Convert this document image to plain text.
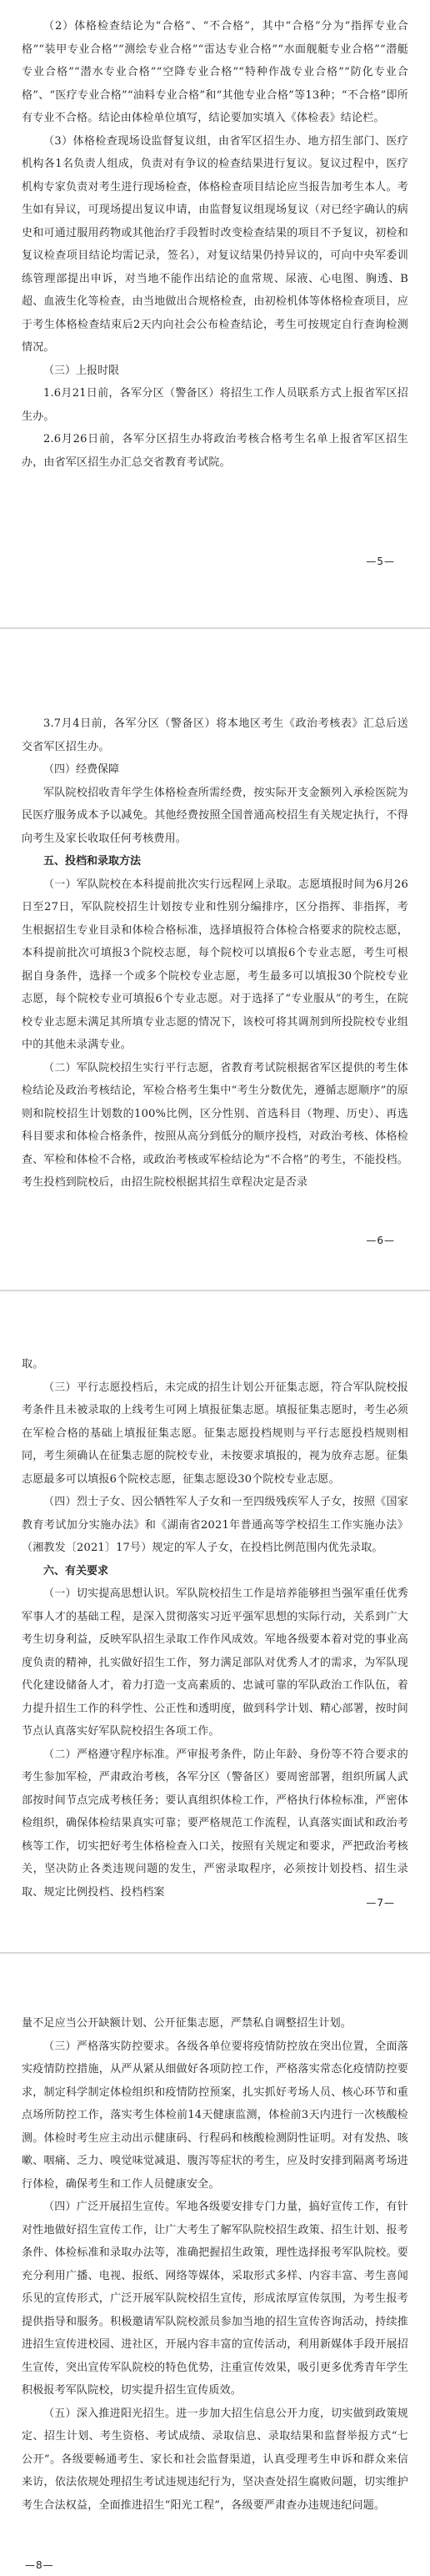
（2）体格检查结论为“合格”、“不合格”，其中“合格”分为“指挥专业合格”“装甲专业合格”“测绘专业合格”“雷达专业合格”“水面舰艇专业合格”“潜艇专业合格”“潜水专业合格”“空降专业合格”“特种作战专业合格”“防化专业合格”、“医疗专业合格”“油料专业合格”和“其他专业合格”等13种；“不合格”即所有专业不合格。结论由体检单位填写，结论要加实填入《体检表》结论栏。

（3）体格检查现场设监督复议组，由省军区招生办、地方招生部门、医疗机构各1名负责人组成，负责对有争议的检查结果进行复议。复议过程中，医疗机构专家负责对考生进行现场检查，体格检查项目结论应当报告加考生本人。考生如有异议，可现场提出复议申请，由监督复议组现场复议（对已经字确认的病史和可通过服用药物或其他治疗手段暂时改变检查结果的项目不予复议，初检和复议检查项目结论均需记录，签名），对复议结果仍持异议的，可向中央军委训练管理部提出申诉，对当地不能作出结论的血常规、尿液、心电图、胸透、B超、血液生化等检查，由当地做出合规格检查，由初检机体等体格检查项目，应于考生体格检查结束后2天内向社会公布检查结论，考生可按规定自行查询检测情况。

（三）上报时限

1.6月21日前，各军分区（警备区）将招生工作人员联系方式上报省军区招生办。

2.6月26日前，各军分区招生办将政治考核合格考生名单上报省军区招生办，由省军区招生办汇总交省教育考试院。

—5—

3.7月4日前，各军分区（警备区）将本地区考生《政治考核表》汇总后送交省军区招生办。

（四）经费保障

军队院校招收青年学生体格检查所需经费，按实际开支金额列入承检医院为民医疗服务成本予以减免。其他经费按照全国普通高校招生有关规定执行，不得向考生及家长收取任何考核费用。

五、投档和录取方法

（一）军队院校在本科提前批次实行远程网上录取。志愿填报时间为6月26日至27日，军队院校招生计划按专业和性别分编排序，区分指挥、非指挥，考生根据招生专业目录和体检合格标准，选择填报符合体检合格要求的院校志愿，本科提前批次可填报3个院校志愿，每个院校可以填报6个专业志愿，考生可根据自身条件，选择一个或多个院校专业志愿，考生最多可以填报30个院校专业志愿，每个院校专业可填报6个专业志愿。对于选择了“专业服从”的考生，在院校专业志愿未满足其所填专业志愿的情况下，该校可将其调剂到所投院校专业组中的其他未录满专业。

（二）军队院校招生实行平行志愿，省教育考试院根据省军区提供的考生体检结论及政治考核结论，军检合格考生集中“考生分数优先，遵循志愿顺序”的原则和院校招生计划数的100%比例，区分性别、首选科目（物理、历史）、再选科目要求和体检合格条件，按照从高分到低分的顺序投档，对政治考核、体格检查、军检和体检不合格，或政治考核或军检结论为“不合格”的考生，不能投档。考生投档到院校后，由招生院校根据其招生章程决定是否录

—6—

取。

（三）平行志愿投档后，未完成的招生计划公开征集志愿，符合军队院校报考条件且未被录取的上线考生可网上填报征集志愿。填报征集志愿时，考生必须在军检合格的基础上填报征集志愿。征集志愿投档规则与平行志愿投档规则相同，考生须确认在征集志愿的院校专业，未按要求填报的，视为放弃志愿。征集志愿最多可以填报6个院校志愿，征集志愿设30个院校专业志愿。

（四）烈士子女、因公牺牲军人子女和一至四级残疾军人子女，按照《国家教育考试加分实施办法》和《湖南省2021年普通高等学校招生工作实施办法》（湘教发〔2021〕17号）规定的军人子女，在投档比例范围内优先录取。

六、有关要求

（一）切实提高思想认识。军队院校招生工作是培养能够担当强军重任优秀军事人才的基础工程，是深入贯彻落实习近平强军思想的实际行动，关系到广大考生切身利益，反映军队招生录取工作作风成效。军地各级要本着对党的事业高度负责的精神，扎实做好招生工作，努力满足部队对优秀人才的需求，为军队现代化建设储备人才，着力打造一支高素质的、忠诚可靠的军队政治工作队伍，着力提升招生工作的科学性、公正性和透明度，做到科学计划、精心部署，按时间节点认真落实好军队院校招生各项工作。

（二）严格遵守程序标准。严审报考条件，防止年龄、身份等不符合要求的考生参加军检，严肃政治考核，各军分区（警备区）要周密部署，组织所属人武部按时间节点完成考核任务；要认真组织体检工作，严格执行体检标准，严密体检组织，确保体检结果真实可靠；要严格规范工作流程，认真落实面试和政治考核等工作，切实把好考生体格检查入口关，按照有关规定和要求，严把政治考核关，坚决防止各类违规问题的发生，严密录取程序，必须按计划投档、招生录取、规定比例投档、投档档案

—7—

量不足应当公开缺额计划、公开征集志愿，严禁私自调整招生计划。

（三）严格落实防控要求。各级各单位要将疫情防控放在突出位置，全面落实疫情防控措施，从严从紧从细做好各项防控工作，严格落实常态化疫情防控要求，制定科学制定体检组织和疫情防控预案，扎实抓好考场人员、核心环节和重点场所防控工作，落实考生体检前14天健康监测，体检前3天内进行一次核酸检测。体检时考生应主动出示健康码、行程码和核酸检测阴性证明。对有发热、咳嗽、咽痛、乏力、嗅觉味觉减退、腹泻等症状的考生，应及时安排到隔离考场进行体检，确保考生和工作人员健康安全。

（四）广泛开展招生宣传。军地各级要安排专门力量，搞好宣传工作，有针对性地做好招生宣传工作，让广大考生了解军队院校招生政策、招生计划、报考条件、体检标准和录取办法等，准确把握招生政策，理性选择报考军队院校。要充分利用广播、电视、报纸、网络等媒体，采取形式多样、内容丰富、考生喜闻乐见的宣传形式，广泛开展军队院校招生宣传，形成浓厚宣传氛围，为考生报考提供指导和服务。积极邀请军队院校派员参加当地的招生宣传咨询活动，持续推进招生宣传进校园、进社区，开展内容丰富的宣传活动，利用新媒体手段开展招生宣传，突出宣传军队院校的特色优势，注重宣传效果，吸引更多优秀青年学生积极报考军队院校，切实提升招生宣传质效。

（五）深入推进阳光招生。进一步加大招生信息公开力度，切实做到政策规定、招生计划、考生资格、考试成绩、录取信息、录取结果和监督举报方式“七公开”。各级要畅通考生、家长和社会监督渠道，认真受理考生申诉和群众来信来访，依法依规处理招生考试违规违纪行为，坚决查处招生腐败问题，切实维护考生合法权益，全面推进招生“阳光工程”，各级要严肃查办违规违纪问题。

—8—
